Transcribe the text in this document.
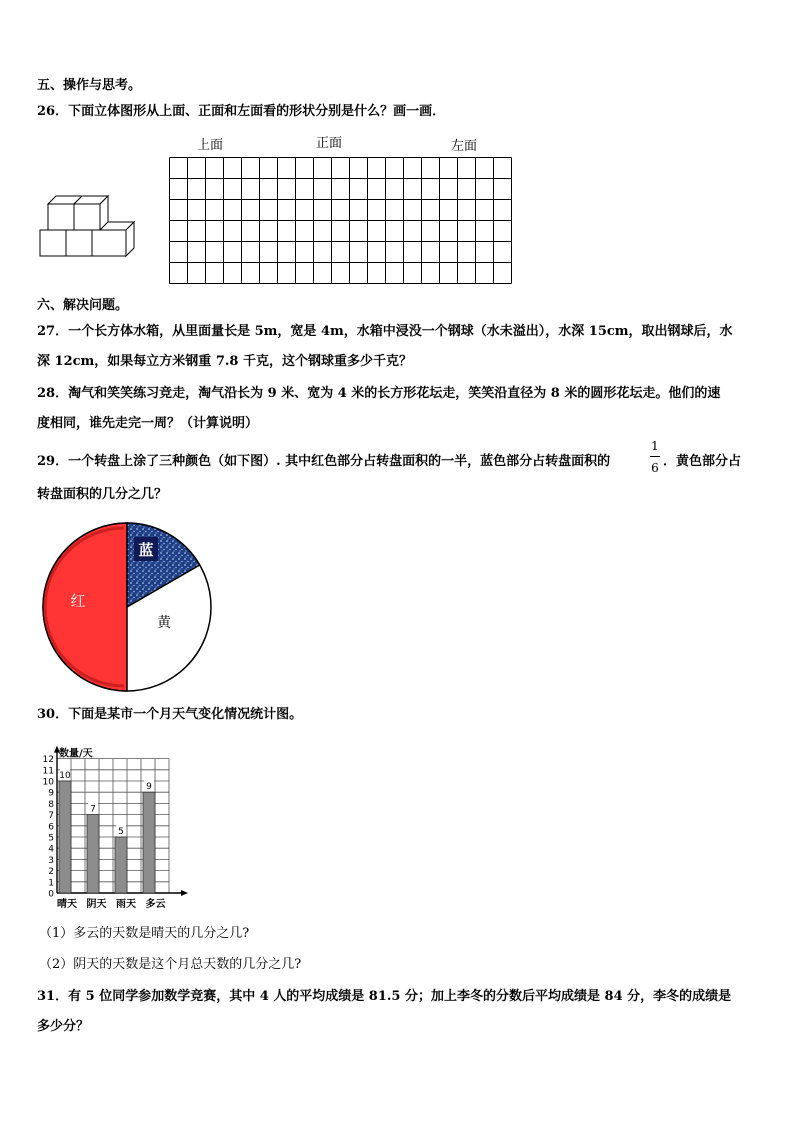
五、操作与思考。
26．下面立体图形从上面、正面和左面看的形状分别是什么？画一画．
上面	正面	左面
六、解决问题。
27．一个长方体水箱，从里面量长是 5m，宽是 4m，水箱中浸没一个钢球（水未溢出），水深 15cm，取出钢球后，水
深 12cm，如果每立方米钢重 7.8 千克，这个钢球重多少千克？
28．淘气和笑笑练习竞走，淘气沿长为 9 米、宽为 4 米的长方形花坛走，笑笑沿直径为 8 米的圆形花坛走。他们的速
度相同，谁先走完一周？（计算说明）
29．一个转盘上涂了三种颜色（如下图）. 其中红色部分占转盘面积的一半，蓝色部分占转盘面积的
1
6 ．黄色部分占
转盘面积的几分之几？
蓝
红
黄
30．下面是某市一个月天气变化情况统计图。
数量/天
0
1
2
3
4
5
6
7
8
9
10
11
12
10
7
5
9
晴天 阴天 雨天 多云
（1）多云的天数是晴天的几分之几?
（2）阴天的天数是这个月总天数的几分之几?
31．有 5 位同学参加数学竞赛，其中 4 人的平均成绩是 81.5 分；加上李冬的分数后平均成绩是 84 分，李冬的成绩是
多少分？
